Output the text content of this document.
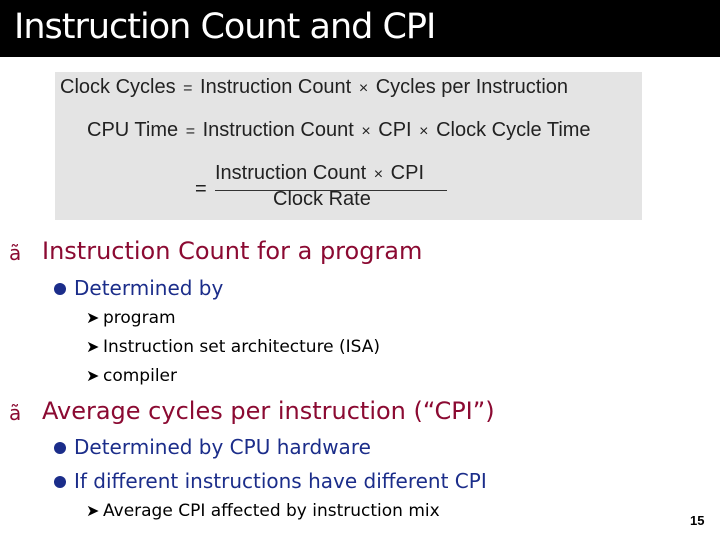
Instruction Count and CPI
Clock Cycles = Instruction Count × Cycles per Instruction
CPU Time = Instruction Count × CPI × Clock Cycle Time
=
Instruction Count × CPI
Clock Rate
ã Instruction Count for a program
Determined by
➤ program
➤ Instruction set architecture (ISA)
➤ compiler
ã Average cycles per instruction (“CPI”)
Determined by CPU hardware
If different instructions have different CPI
➤ Average CPI affected by instruction mix	15
